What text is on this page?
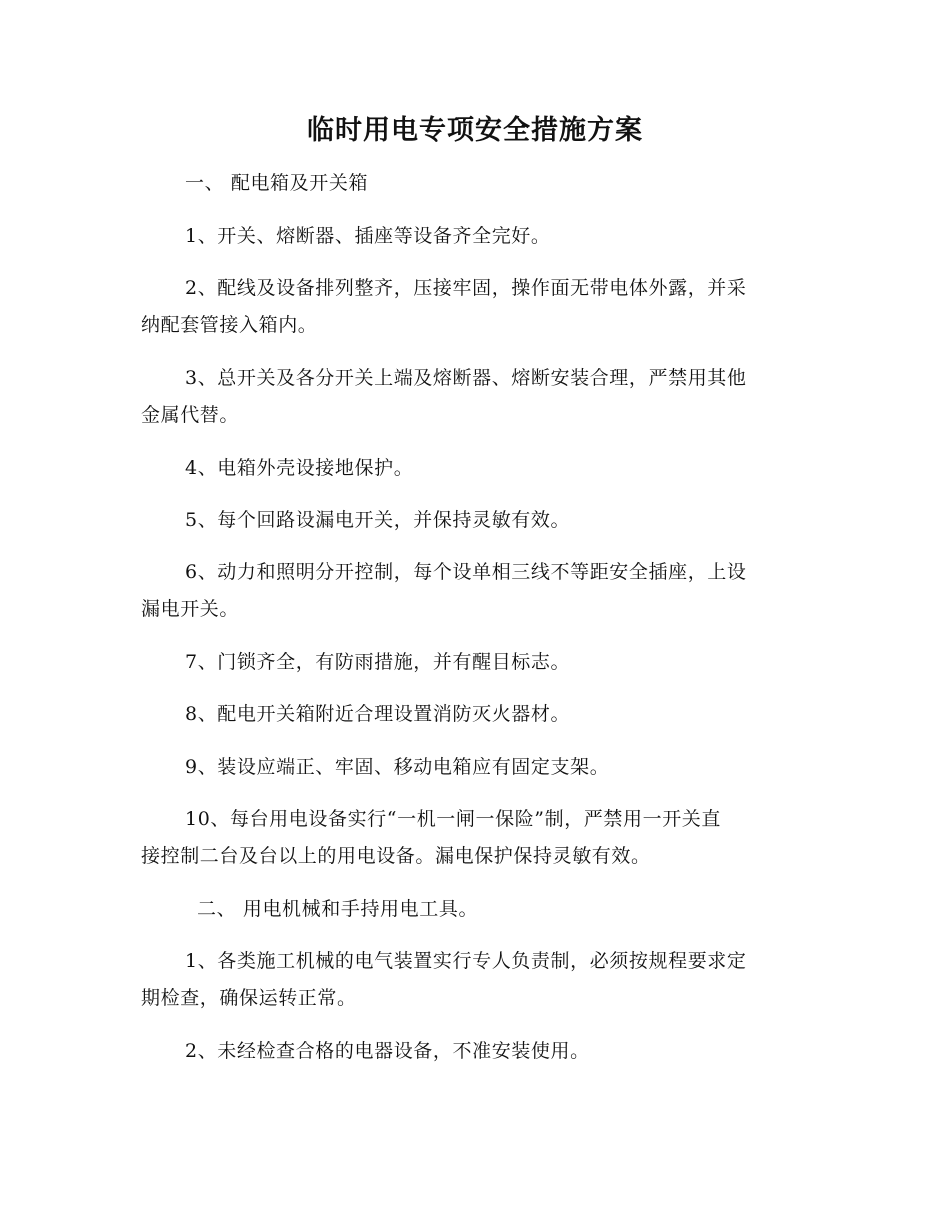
临时用电专项安全措施方案
一、 配电箱及开关箱
1、开关、熔断器、插座等设备齐全完好。
2、配线及设备排列整齐，压接牢固，操作面无带电体外露，并采
纳配套管接入箱内。
3、总开关及各分开关上端及熔断器、熔断安装合理，严禁用其他
金属代替。
4、电箱外壳设接地保护。
5、每个回路设漏电开关，并保持灵敏有效。
6、动力和照明分开控制，每个设单相三线不等距安全插座，上设
漏电开关。
7、门锁齐全，有防雨措施，并有醒目标志。
8、配电开关箱附近合理设置消防灭火器材。
9、装设应端正、牢固、移动电箱应有固定支架。
10、每台用电设备实行“一机一闸一保险”制，严禁用一开关直
接控制二台及台以上的用电设备。漏电保护保持灵敏有效。
二、 用电机械和手持用电工具。
1、各类施工机械的电气装置实行专人负责制，必须按规程要求定
期检查，确保运转正常。
2、未经检查合格的电器设备，不准安装使用。
